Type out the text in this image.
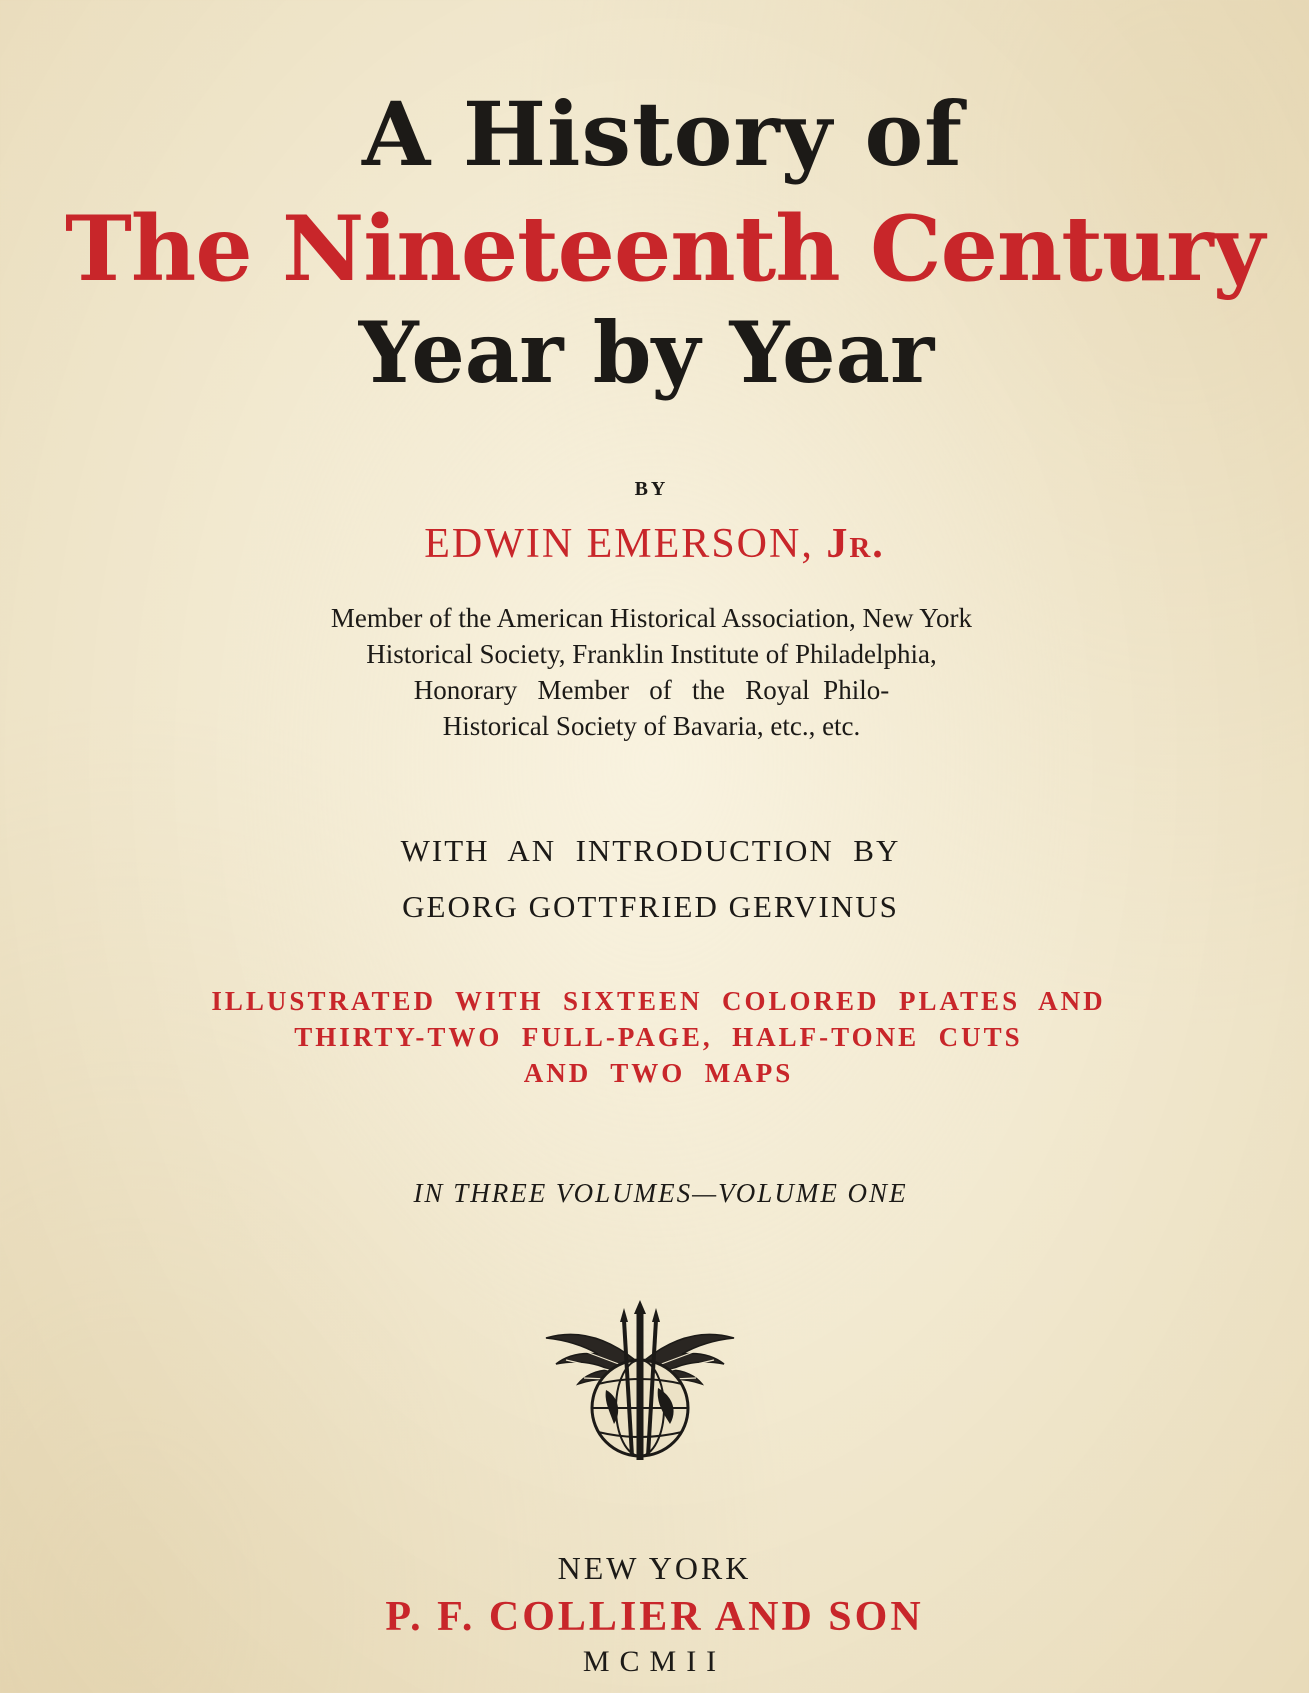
A History of
The Nineteenth Century
Year by Year
BY
EDWIN EMERSON, Jr.
Member of the American Historical Association, New York
Historical Society, Franklin Institute of Philadelphia,
Honorary   Member   of   the   Royal  Philo-
Historical Society of Bavaria, etc., etc.
WITH  AN  INTRODUCTION  BY
GEORG GOTTFRIED GERVINUS
ILLUSTRATED  WITH  SIXTEEN  COLORED  PLATES  AND
THIRTY-TWO  FULL-PAGE,  HALF-TONE  CUTS
AND  TWO  MAPS
IN THREE VOLUMES—VOLUME ONE
NEW YORK
P. F. COLLIER AND SON
MCMII
